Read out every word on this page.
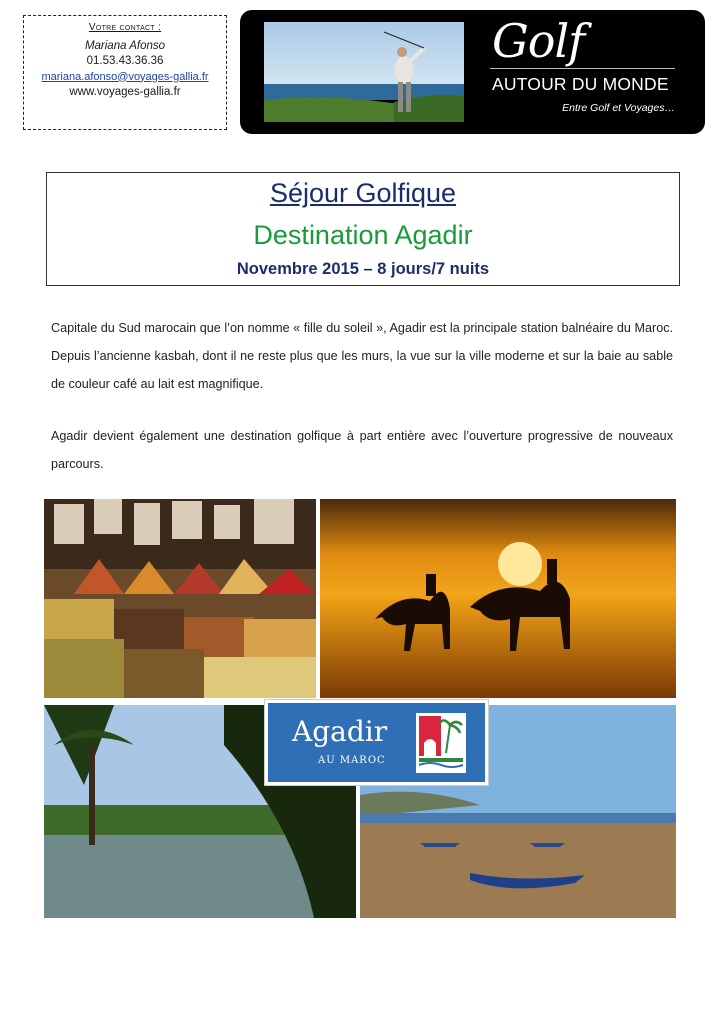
Votre contact :
Mariana Afonso
01.53.43.36.36
mariana.afonso@voyages-gallia.fr
www.voyages-gallia.fr
Golf
AUTOUR DU MONDE
Entre Golf et Voyages…
Séjour Golfique
Destination Agadir
Novembre 2015 – 8 jours/7 nuits
Capitale du Sud marocain que l’on nomme « fille du soleil », Agadir est la principale station balnéaire du Maroc. Depuis l’ancienne kasbah, dont il ne reste plus que les murs, la vue sur la ville moderne et sur la baie au sable de couleur café au lait est magnifique.
Agadir devient également une destination golfique à part entière avec l’ouverture progressive de nouveaux parcours.
Agadir
AU MAROC
